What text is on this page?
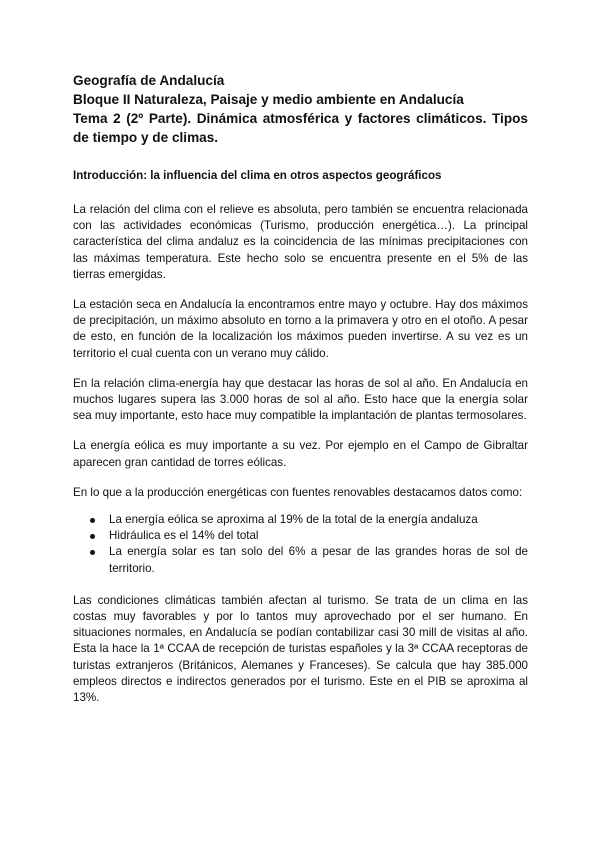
Geografía de Andalucía

Bloque II Naturaleza, Paisaje y medio ambiente en Andalucía

Tema 2 (2º Parte). Dinámica atmosférica y factores climáticos. Tipos de tiempo y de climas.

Introducción: la influencia del clima en otros aspectos geográficos

La relación del clima con el relieve es absoluta, pero también se encuentra relacionada con las actividades económicas (Turismo, producción energética…). La principal característica del clima andaluz es la coincidencia de las mínimas precipitaciones con las máximas temperatura. Este hecho solo se encuentra presente en el 5% de las tierras emergidas.

La estación seca en Andalucía la encontramos entre mayo y octubre. Hay dos máximos de precipitación, un máximo absoluto en torno a la primavera y otro en el otoño. A pesar de esto, en función de la localización los máximos pueden invertirse. A su vez es un territorio el cual cuenta con un verano muy cálido.

En la relación clima-energía hay que destacar las horas de sol al año. En Andalucía en muchos lugares supera las 3.000 horas de sol al año. Esto hace que la energía solar sea muy importante, esto hace muy compatible la implantación de plantas termosolares.

La energía eólica es muy importante a su vez. Por ejemplo en el Campo de Gibraltar aparecen gran cantidad de torres eólicas.

En lo que a la producción energéticas con fuentes renovables destacamos datos como:

La energía eólica se aproxima al 19% de la total de la energía andaluza
Hidráulica es el 14% del total
La energía solar es tan solo del 6% a pesar de las grandes horas de sol de territorio.

Las condiciones climáticas también afectan al turismo. Se trata de un clima en las costas muy favorables y por lo tantos muy aprovechado por el ser humano. En situaciones normales, en Andalucía se podían contabilizar casi 30 mill de visitas al año. Esta la hace la 1ª CCAA de recepción de turistas españoles y la 3ª CCAA receptoras de turistas extranjeros (Británicos, Alemanes y Franceses). Se calcula que hay 385.000 empleos directos e indirectos generados por el turismo. Este en el PIB se aproxima al 13%.
